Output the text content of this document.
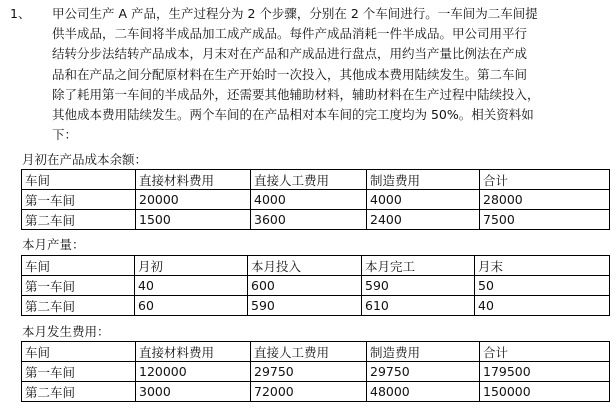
1、 甲公司生产 A 产品，生产过程分为 2 个步骤，分别在 2 个车间进行。一车间为二车间提
供半成品，二车间将半成品加工成产成品。每件产成品消耗一件半成品。甲公司用平行
结转分步法结转产品成本，月末对在产品和产成品进行盘点，用约当产量比例法在产成
品和在产品之间分配原材料在生产开始时一次投入，其他成本费用陆续发生。第二车间
除了耗用第一车间的半成品外，还需要其他辅助材料，辅助材料在生产过程中陆续投入，
其他成本费用陆续发生。两个车间的在产品相对本车间的完工度均为 50%。相关资料如
下：
月初在产品成本余额：
车间	直接材料费用	直接人工费用	制造费用	合计
第一车间	20000	4000	4000	28000
第二车间	1500	3600	2400	7500
本月产量：
车间	月初	本月投入	本月完工	月末
第一车间	40	600	590	50
第二车间	60	590	610	40
本月发生费用：
车间	直接材料费用	直接人工费用	制造费用	合计
第一车间	120000	29750	29750	179500
第二车间	3000	72000	48000	150000
